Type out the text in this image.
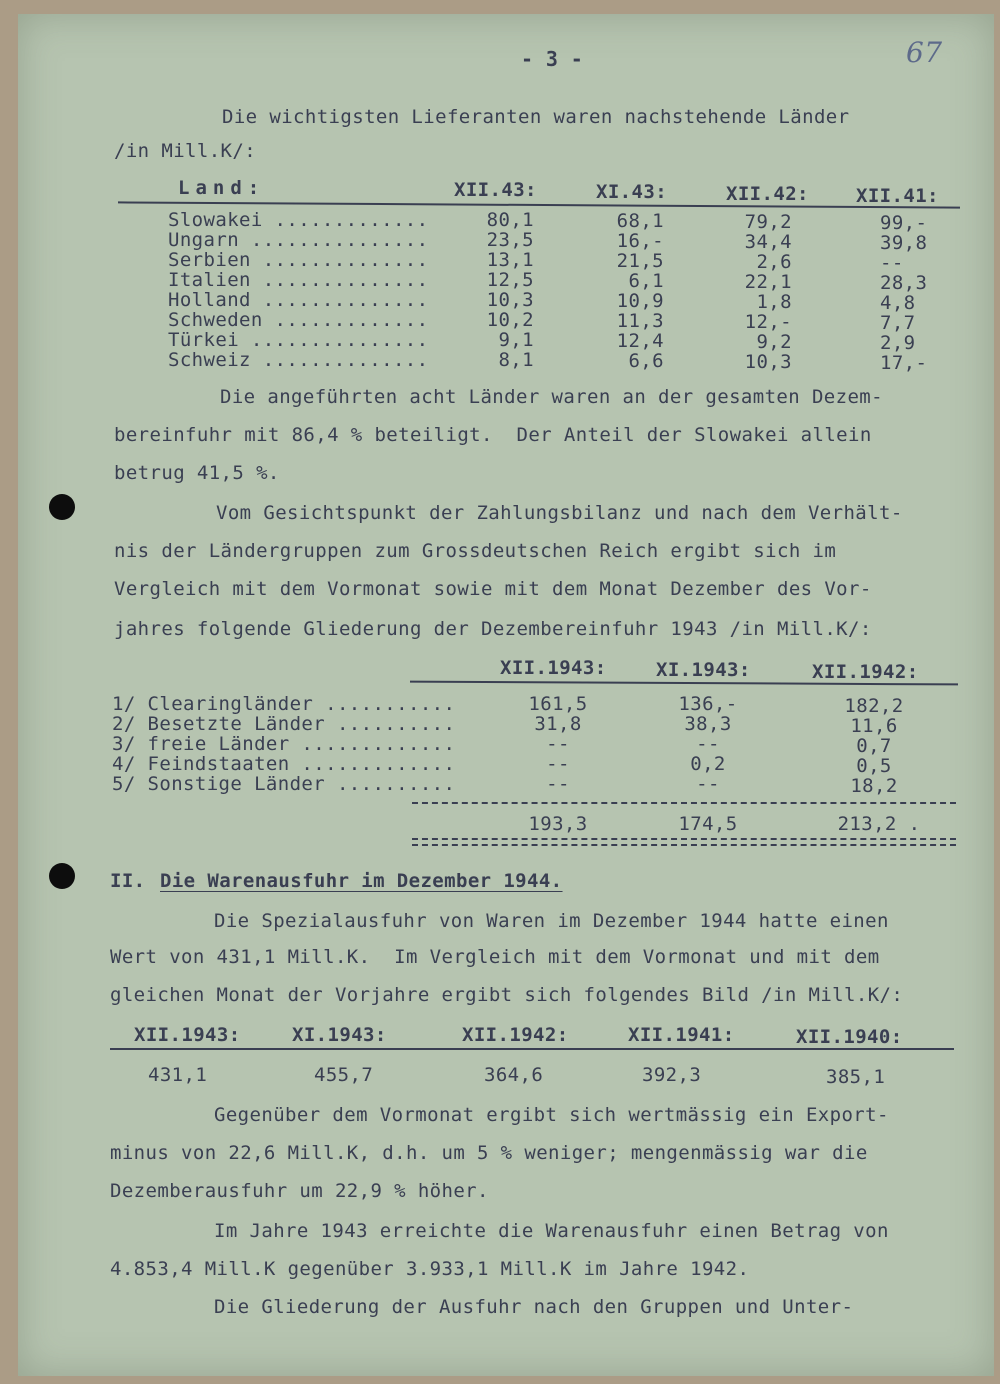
- 3 -	67
Die wichtigsten Lieferanten waren nachstehende Länder
/in Mill.K/:
Land:	XII.43:	XI.43:	XII.42: XII.41:
Slowakei .............	80,1	68,1	79,2	99,-
Ungarn ...............	23,5	16,-	34,4	39,8
Serbien ..............	13,1	21,5	2,6	--
Italien ..............	12,5	6,1	22,1	28,3
Holland ..............	10,3	10,9	1,8	4,8
Schweden .............	10,2	11,3	12,-	7,7
Türkei ...............	9,1	12,4	9,2	2,9
Schweiz ..............	8,1	6,6	10,3	17,-
Die angeführten acht Länder waren an der gesamten Dezem-
bereinfuhr mit 86,4 % beteiligt.  Der Anteil der Slowakei allein
betrug 41,5 %.
Vom Gesichtspunkt der Zahlungsbilanz und nach dem Verhält-
nis der Ländergruppen zum Grossdeutschen Reich ergibt sich im
Vergleich mit dem Vormonat sowie mit dem Monat Dezember des Vor-
jahres folgende Gliederung der Dezembereinfuhr 1943 /in Mill.K/:
XII.1943:	XI.1943:	XII.1942:
1/ Clearingländer ...........	161,5	136,-	182,2
2/ Besetzte Länder ..........	31,8	38,3	11,6
3/ freie Länder .............	--	--	0,7
4/ Feindstaaten .............	--	0,2	0,5
5/ Sonstige Länder ..........	--	--	18,2
193,3	174,5	213,2 .
II. Die Warenausfuhr im Dezember 1944.
Die Spezialausfuhr von Waren im Dezember 1944 hatte einen
Wert von 431,1 Mill.K.  Im Vergleich mit dem Vormonat und mit dem
gleichen Monat der Vorjahre ergibt sich folgendes Bild /in Mill.K/:
XII.1943:	XI.1943:	XII.1942:	XII.1941:	XII.1940:
431,1	455,7	364,6	392,3	385,1
Gegenüber dem Vormonat ergibt sich wertmässig ein Export-
minus von 22,6 Mill.K, d.h. um 5 % weniger; mengenmässig war die
Dezemberausfuhr um 22,9 % höher.
Im Jahre 1943 erreichte die Warenausfuhr einen Betrag von
4.853,4 Mill.K gegenüber 3.933,1 Mill.K im Jahre 1942.
Die Gliederung der Ausfuhr nach den Gruppen und Unter-
